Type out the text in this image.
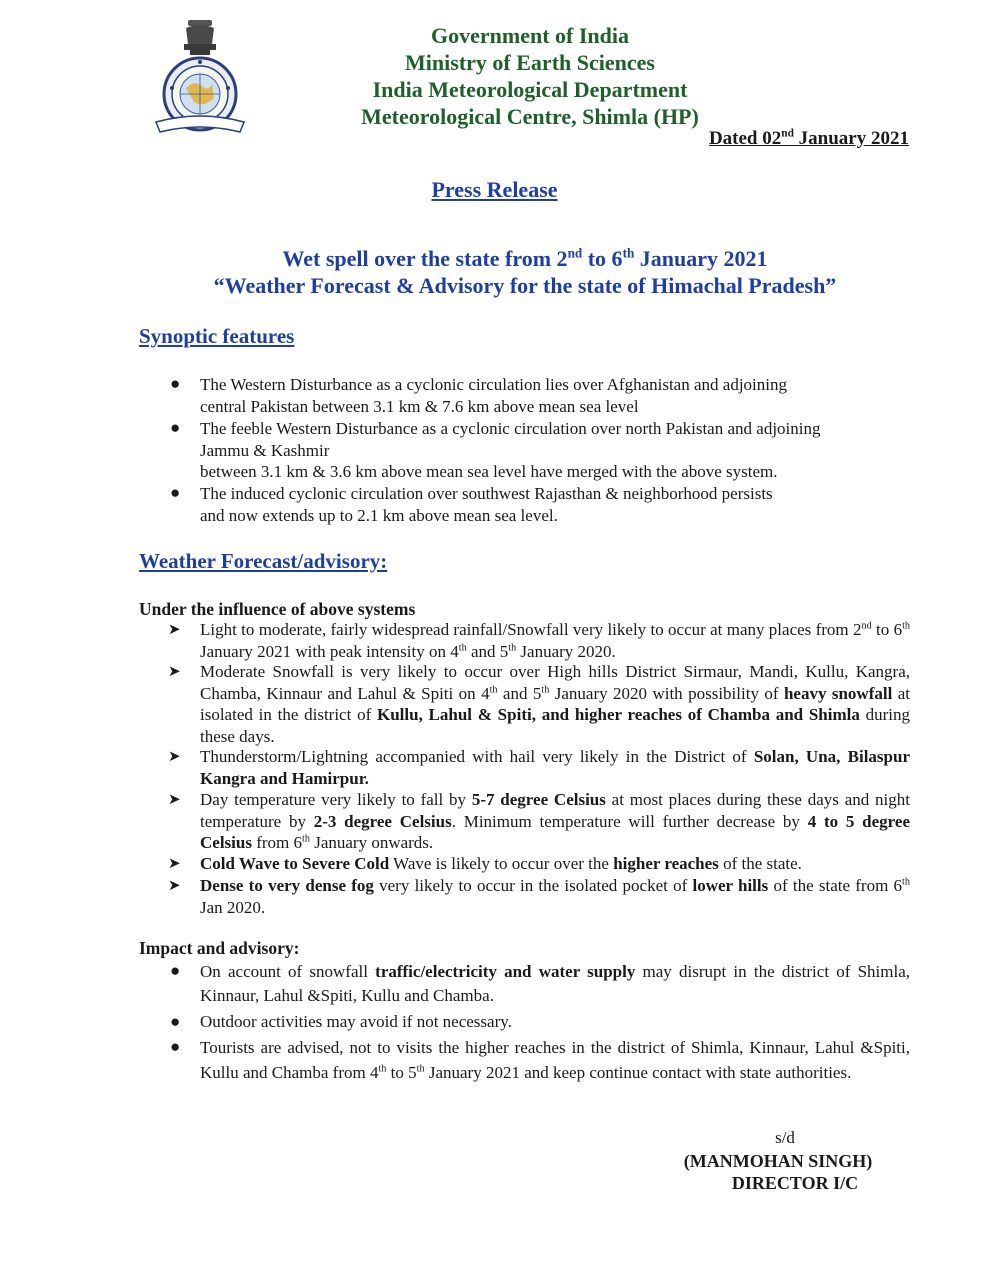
Government of India
Ministry of Earth Sciences
India Meteorological Department
Meteorological Centre, Shimla (HP)
Dated 02nd January 2021
Press Release
Wet spell over the state from 2nd to 6th January 2021
“Weather Forecast & Advisory for the state of Himachal Pradesh”
Synoptic features
● The Western Disturbance as a cyclonic circulation lies over Afghanistan and adjoining
central Pakistan between 3.1 km & 7.6 km above mean sea level
● The feeble Western Disturbance as a cyclonic circulation over north Pakistan and adjoining
Jammu & Kashmir
between 3.1 km & 3.6 km above mean sea level have merged with the above system.
● The induced cyclonic circulation over southwest Rajasthan & neighborhood persists
and now extends up to 2.1 km above mean sea level.
Weather Forecast/advisory:
Under the influence of above systems
➤ Light to moderate, fairly widespread rainfall/Snowfall very likely to occur at many places from 2nd to 6th January 2021 with peak intensity on 4th and 5th January 2020.
➤ Moderate Snowfall is very likely to occur over High hills District Sirmaur, Mandi, Kullu, Kangra, Chamba, Kinnaur and Lahul & Spiti on 4th and 5th January 2020 with possibility of heavy snowfall at isolated in the district of Kullu, Lahul & Spiti, and higher reaches of Chamba and Shimla during these days.
➤ Thunderstorm/Lightning accompanied with hail very likely in the District of Solan, Una, Bilaspur Kangra and Hamirpur.
➤ Day temperature very likely to fall by 5-7 degree Celsius at most places during these days and night temperature by 2-3 degree Celsius. Minimum temperature will further decrease by 4 to 5 degree Celsius from 6th January onwards.
➤ Cold Wave to Severe Cold Wave is likely to occur over the higher reaches of the state.
➤ Dense to very dense fog very likely to occur in the isolated pocket of lower hills of the state from 6th Jan 2020.
Impact and advisory:
● On account of snowfall traffic/electricity and water supply may disrupt in the district of Shimla, Kinnaur, Lahul &Spiti, Kullu and Chamba.
● Outdoor activities may avoid if not necessary.
● Tourists are advised, not to visits the higher reaches in the district of Shimla, Kinnaur, Lahul &Spiti, Kullu and Chamba from 4th to 5th January 2021 and keep continue contact with state authorities.
s/d
(MANMOHAN SINGH)
DIRECTOR I/C
